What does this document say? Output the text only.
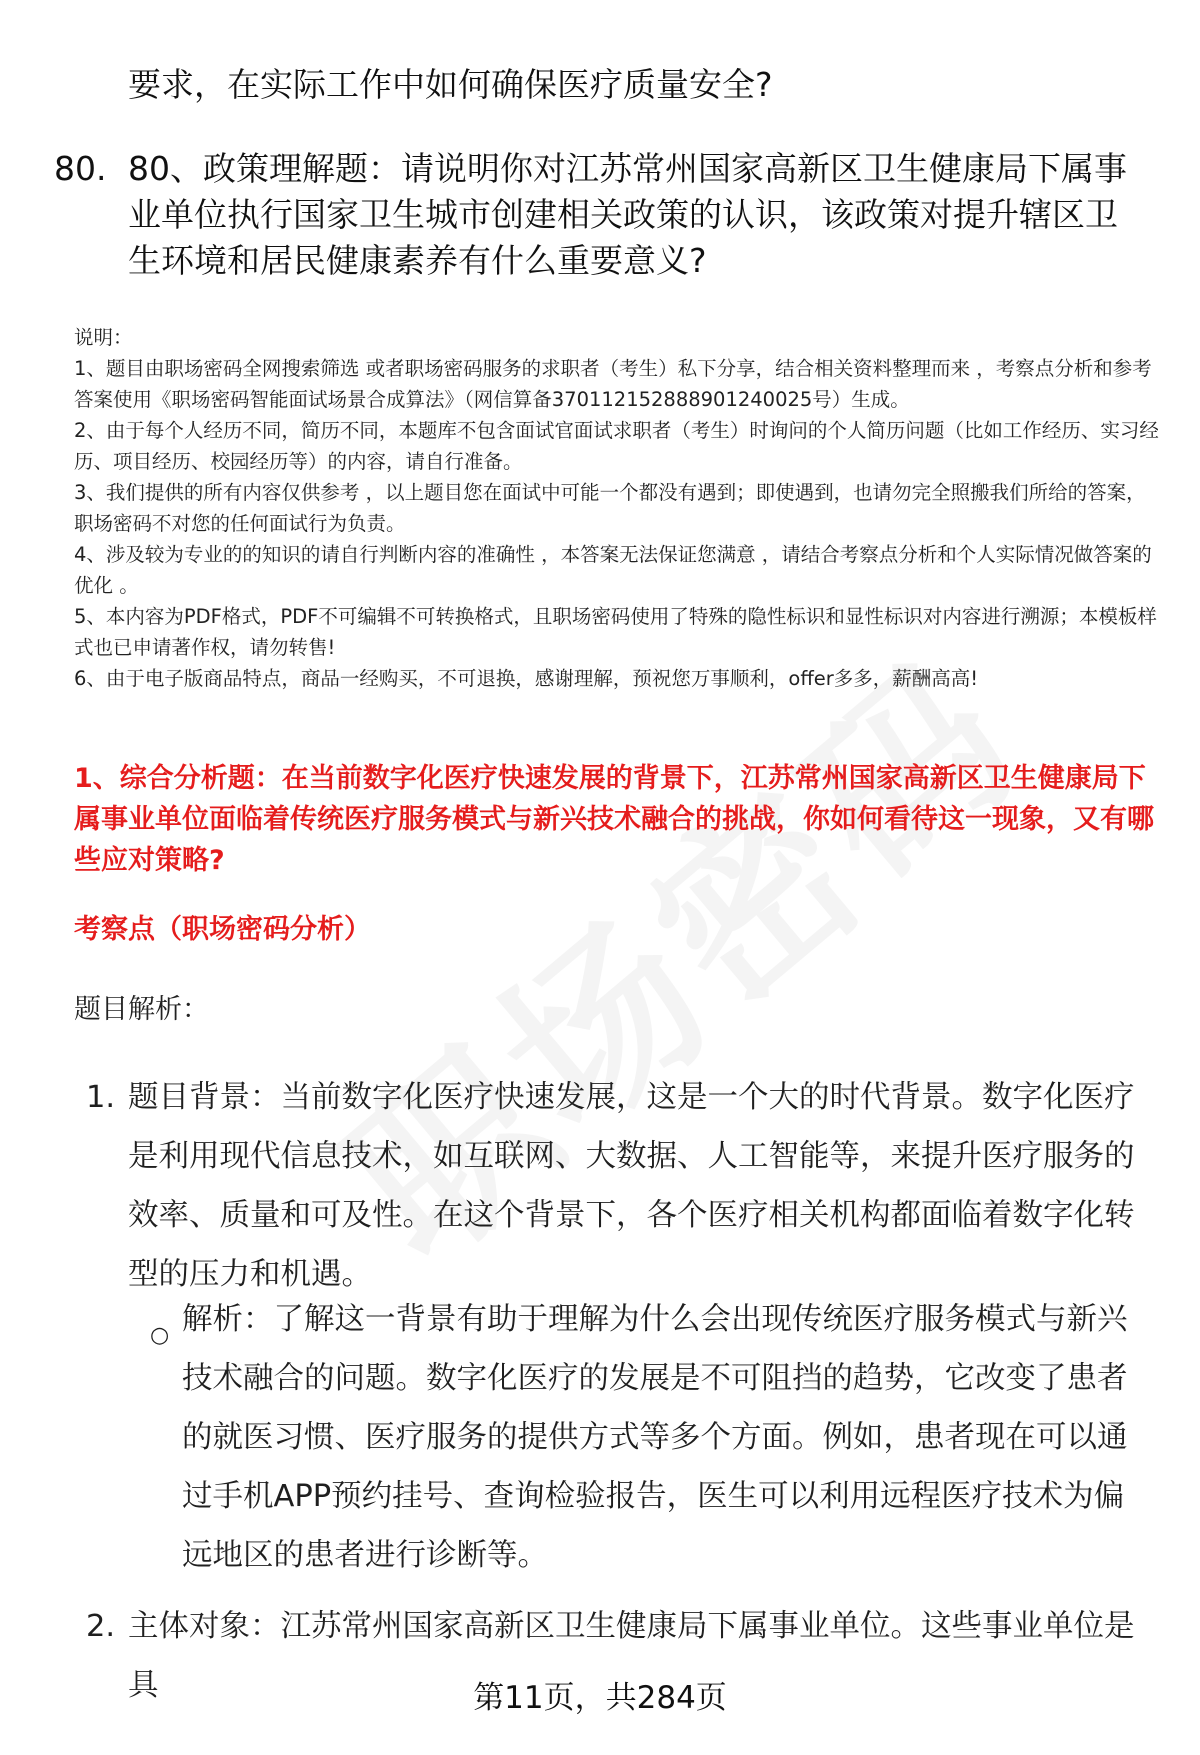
要求，在实际工作中如何确保医疗质量安全?
80. 80、政策理解题：请说明你对江苏常州国家高新区卫生健康局下属事业单位执行国家卫生城市创建相关政策的认识，该政策对提升辖区卫生环境和居民健康素养有什么重要意义?

说明：

1、题目由职场密码全网搜索筛选 或者职场密码服务的求职者（考生）私下分享，结合相关资料整理而来 ，考察点分析和参考答案使用《职场密码智能面试场景合成算法》（网信算备370112152888901240025号）生成。

2、由于每个人经历不同，简历不同，本题库不包含面试官面试求职者（考生）时询问的个人简历问题（比如工作经历、实习经历、项目经历、校园经历等）的内容，请自行准备。

3、我们提供的所有内容仅供参考 ，以上题目您在面试中可能一个都没有遇到；即使遇到，也请勿完全照搬我们所给的答案，职场密码不对您的任何面试行为负责。

4、涉及较为专业的的知识的请自行判断内容的准确性 ，本答案无法保证您满意 ，请结合考察点分析和个人实际情况做答案的优化 。

5、本内容为PDF格式，PDF不可编辑不可转换格式，且职场密码使用了特殊的隐性标识和显性标识对内容进行溯源；本模板样式也已申请著作权，请勿转售!

6、由于电子版商品特点，商品一经购买，不可退换，感谢理解，预祝您万事顺利，offer多多，薪酬高高!

1、综合分析题：在当前数字化医疗快速发展的背景下，江苏常州国家高新区卫生健康局下属事业单位面临着传统医疗服务模式与新兴技术融合的挑战，你如何看待这一现象，又有哪些应对策略?
考察点（职场密码分析）
题目解析：
1. 题目背景：当前数字化医疗快速发展，这是一个大的时代背景。数字化医疗是利用现代信息技术，如互联网、大数据、人工智能等，来提升医疗服务的效率、质量和可及性。在这个背景下，各个医疗相关机构都面临着数字化转型的压力和机遇。
○ 解析：了解这一背景有助于理解为什么会出现传统医疗服务模式与新兴技术融合的问题。数字化医疗的发展是不可阻挡的趋势，它改变了患者的就医习惯、医疗服务的提供方式等多个方面。例如，患者现在可以通过手机APP预约挂号、查询检验报告，医生可以利用远程医疗技术为偏远地区的患者进行诊断等。
2. 主体对象：江苏常州国家高新区卫生健康局下属事业单位。这些事业单位是具	第11页，共284页
